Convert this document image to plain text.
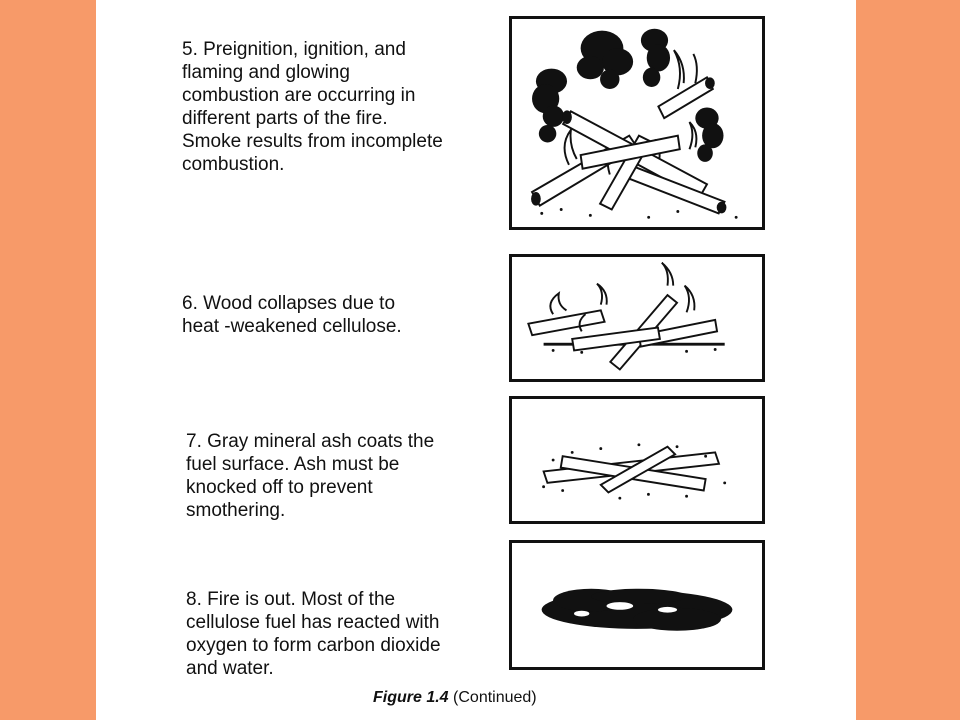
5. Preignition, ignition, and
flaming and glowing
combustion are occurring in
different parts of the fire.
Smoke results from incomplete
combustion.

6. Wood collapses due to
heat -weakened cellulose.

7. Gray mineral ash coats the
fuel surface. Ash must be
knocked off to prevent
smothering.

8. Fire is out. Most of the
cellulose fuel has reacted with
oxygen to form carbon dioxide
and water.

Figure 1.4 (Continued)
